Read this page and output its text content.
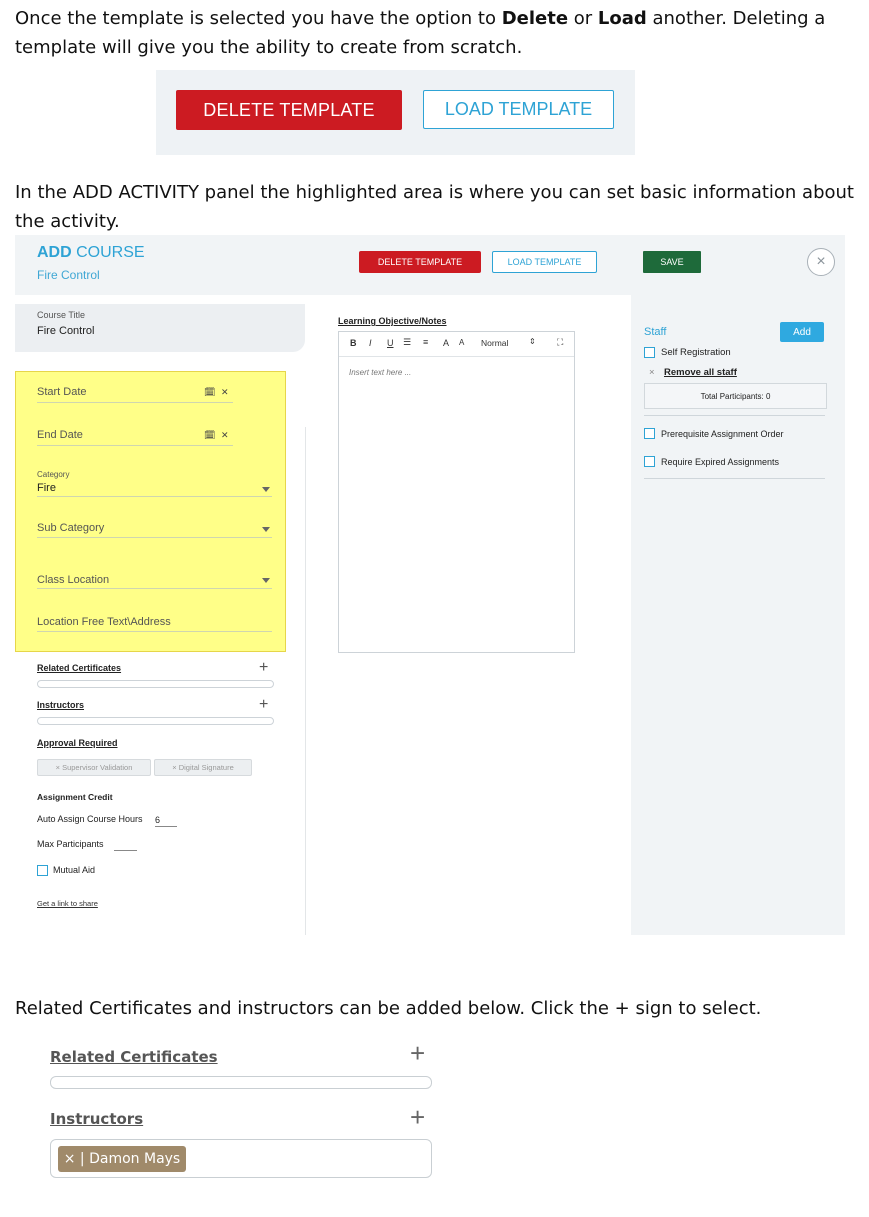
Once the template is selected you have the option to Delete or Load another. Deleting a
template will give you the ability to create from scratch.
DELETE TEMPLATE	LOAD TEMPLATE
In the ADD ACTIVITY panel the highlighted area is where you can set basic information about
the activity.
ADD COURSE
Fire Control
DELETE TEMPLATE	LOAD TEMPLATE	SAVE	×
Course Title
Fire Control
Start Date	🗓︎ ✕
End Date	🗓︎ ✕
Category
Fire
Sub Category
Class Location
Location Free Text\Address
Related Certificates	+
Instructors	+
Approval Required
× Supervisor Validation	× Digital Signature
Assignment Credit
Auto Assign Course Hours 6
Max Participants
Mutual Aid
Get a link to share
Learning Objective/Notes
B I U ☰ ≡ A A Normal	⇕ ⛶
Insert text here ...
Staff	Add
Self Registration
× Remove all staff
Total Participants: 0
Prerequisite Assignment Order
Require Expired Assignments
Related Certificates and instructors can be added below. Click the + sign to select.
Related Certificates	+
Instructors	+
× | Damon Mays
